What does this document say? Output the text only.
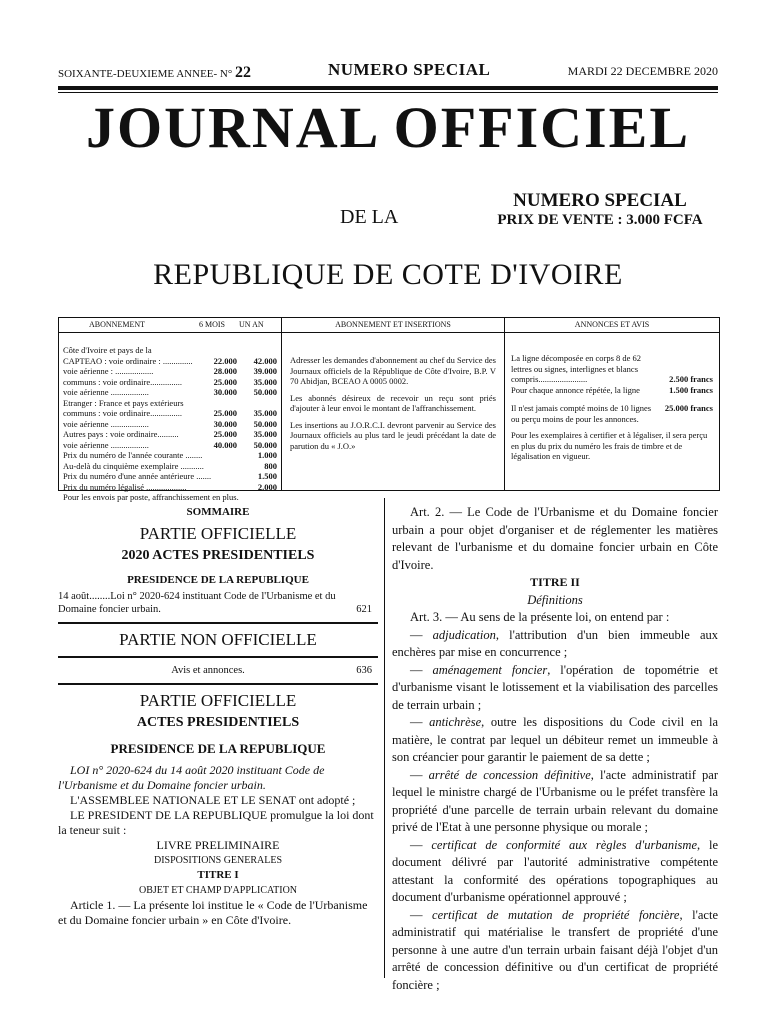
SOIXANTE-DEUXIEME ANNEE- N° 22	NUMERO SPECIAL	MARDI 22 DECEMBRE 2020
JOURNAL OFFICIEL
DE LA
NUMERO SPECIAL
PRIX DE VENTE : 3.000 FCFA
REPUBLIQUE DE COTE D'IVOIRE
ABONNEMENT	6 MOIS UN AN
Côte d'Ivoire et pays de la
CAPTEAO : voie ordinaire : ..............	22.000	42.000
voie aérienne : ..................	28.000	39.000
communs : voie ordinaire...............	25.000	35.000
voie aérienne ..................	30.000	50.000
Etranger : France et pays extérieurs
communs : voie ordinaire...............	25.000	35.000
voie aérienne ..................	30.000	50.000
Autres pays : voie ordinaire..........	25.000	35.000
voie aérienne ..................	40.000	50.000
Prix du numéro de l'année courante ........	1.000
Au-delà du cinquième exemplaire ...........	800
Prix du numéro d'une année antérieure .......	1.500
Prix du numéro légalisé ...................	2.000
Pour les envois par poste, affranchissement en plus.
ABONNEMENT ET INSERTIONS

Adresser les demandes d'abonnement au chef du Service des Journaux officiels de la République de Côte d'Ivoire, B.P. V 70 Abidjan, BCEAO A 0005 0002.

Les abonnés désireux de recevoir un reçu sont priés d'ajouter à leur envoi le montant de l'affranchissement.

Les insertions au J.O.R.C.I. devront parvenir au Service des Journaux officiels au plus tard le jeudi précédant la date de parution du « J.O.»

ANNONCES ET AVIS
La ligne décomposée en corps 8 de 62 lettres ou signes, interlignes et blancs compris.......................	2.500 francs
Pour chaque annonce répétée, la ligne	1.500 francs
Il n'est jamais compté moins de 10 lignes ou perçu moins de pour les annonces.
25.000 francs

Pour les exemplaires à certifier et à légaliser, il sera perçu en plus du prix du numéro les frais de timbre et de légalisation en vigueur.

SOMMAIRE
PARTIE OFFICIELLE
2020 ACTES PRESIDENTIELS
PRESIDENCE DE LA REPUBLIQUE
14 août........Loi n° 2020-624 instituant Code de l'Urbanisme et du Domaine foncier urbain.	621
PARTIE NON OFFICIELLE
Avis et annonces.	636
PARTIE OFFICIELLE
ACTES PRESIDENTIELS
PRESIDENCE DE LA REPUBLIQUE
LOI n° 2020-624 du 14 août 2020 instituant Code de l'Urbanisme et du Domaine foncier urbain.
L'ASSEMBLEE NATIONALE ET LE SENAT ont adopté ;
LE PRESIDENT DE LA REPUBLIQUE promulgue la loi dont la teneur suit :
LIVRE PRELIMINAIRE
DISPOSITIONS GENERALES
TITRE I
OBJET ET CHAMP D'APPLICATION
Article 1. — La présente loi institue le « Code de l'Urbanisme et du Domaine foncier urbain » en Côte d'Ivoire.

Art. 2. — Le Code de l'Urbanisme et du Domaine foncier urbain a pour objet d'organiser et de réglementer les matières relevant de l'urbanisme et du domaine foncier urbain en Côte d'Ivoire.

TITRE II

Définitions

Art. 3. — Au sens de la présente loi, on entend par :

— adjudication, l'attribution d'un bien immeuble aux enchères par mise en concurrence ;

— aménagement foncier, l'opération de topométrie et d'urbanisme visant le lotissement et la viabilisation des parcelles de terrain urbain ;

— antichrèse, outre les dispositions du Code civil en la matière, le contrat par lequel un débiteur remet un immeuble à son créancier pour garantir le paiement de sa dette ;

— arrêté de concession définitive, l'acte administratif par lequel le ministre chargé de l'Urbanisme ou le préfet transfère la propriété d'une parcelle de terrain urbain relevant du domaine privé de l'Etat à une personne physique ou morale ;

— certificat de conformité aux règles d'urbanisme, le document délivré par l'autorité administrative compétente attestant la conformité des opérations topographiques au document d'urbanisme opérationnel approuvé ;

— certificat de mutation de propriété foncière, l'acte administratif qui matérialise le transfert de propriété d'une personne à une autre d'un terrain urbain faisant déjà l'objet d'un arrêté de concession définitive ou d'un certificat de propriété foncière ;
